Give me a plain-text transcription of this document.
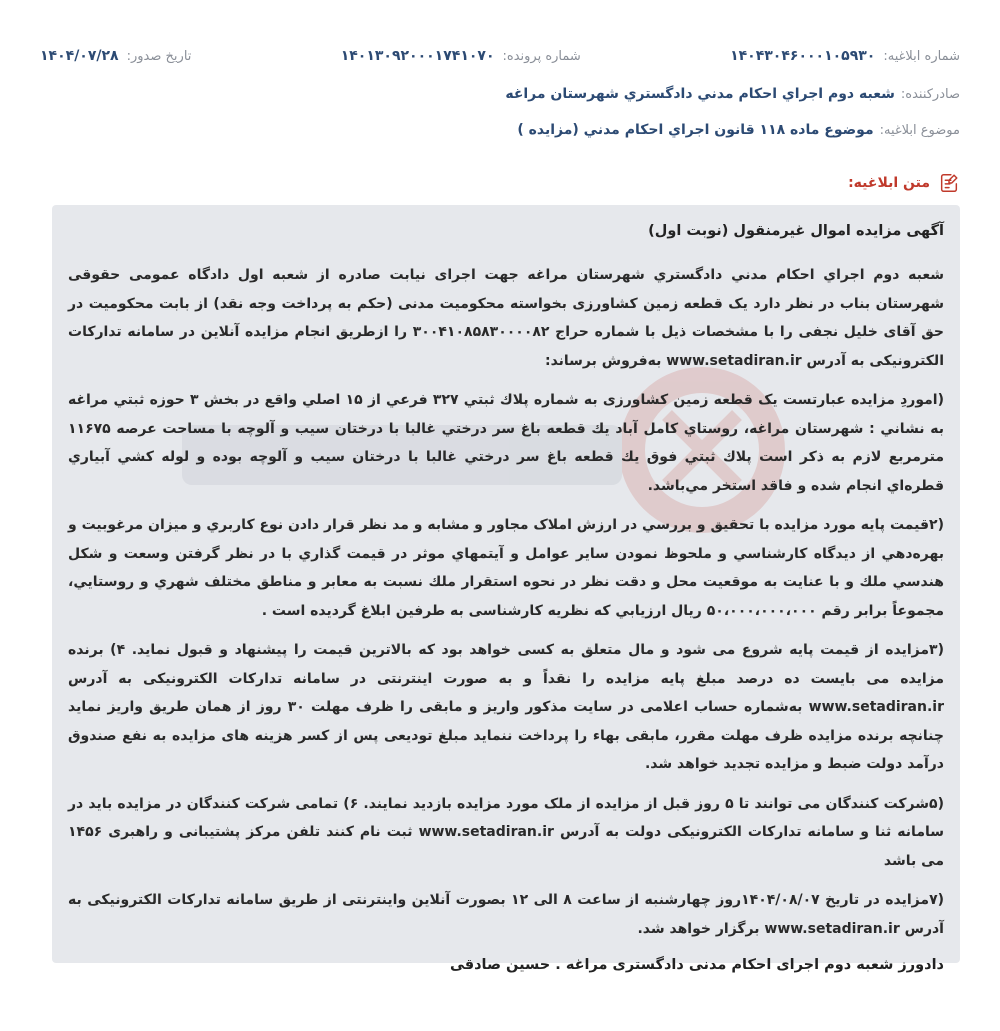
شماره ابلاغیه:
۱۴۰۴۳۰۴۶۰۰۰۱۰۵۹۳۰
شماره پرونده:
۱۴۰۱۳۰۹۲۰۰۰۱۷۴۱۰۷۰
تاریخ صدور:
۱۴۰۴/۰۷/۲۸
صادرکننده:
شعبه دوم اجراي احكام مدني دادگستري شهرستان مراغه
موضوع ابلاغیه:
موضوع ماده ۱۱۸ قانون اجراي احكام مدني (مزايده )
متن ابلاغیه:
آگهی مزایده اموال غیرمنقول (نوبت اول)

شعبه دوم اجراي احكام مدني دادگستري شهرستان مراغه جهت اجرای نیابت صادره از شعبه اول دادگاه عمومی حقوقی شهرستان بناب در نظر دارد یک قطعه زمین کشاورزی بخواسته محکومیت مدنی (حکم به پرداخت وجه نقد) از بابت محکومیت در حق آقای خلیل نجفی را با مشخصات ذیل با شماره حراج ۳۰۰۴۱۰۸۵۸۳۰۰۰۰۸۲ را ازطریق انجام مزایده آنلاین در سامانه تدارکات الکترونیکی به آدرس www.setadiran.ir به‌فروش برساند:

(اموردِ مزایده عبارتست یک قطعه زمین کشاورزی به شماره پلاك ثبتي ۳۲۷ فرعي از ۱۵ اصلي واقع در بخش ۳ حوزه ثبتي مراغه به نشاني : شهرستان مراغه، روستاي كامل آباد يك قطعه باغ سر درختي غالبا با درختان سيب و آلوچه با مساحت عرصه ۱۱۶۷۵ مترمربع لازم به ذكر است پلاك ثبتي فوق يك قطعه باغ سر درختي غالبا با درختان سيب و آلوچه بوده و لوله كشي آبياري قطره‌اي انجام شده و فاقد استخر مي‌باشد.

(۲قیمت پایه مورد مزایده با تحقيق و بررسي در ارزش املاک مجاور و مشابه و مد نظر قرار دادن نوع كاربري و ميزان مرغوبيت و بهره‌دهي از ديدگاه كارشناسي و ملحوظ نمودن ساير عوامل و آيتمهاي موثر در قيمت گذاري با در نظر گرفتن وسعت و شكل هندسي ملك و با عنايت به موقعيت محل و دقت نظر در نحوه استقرار ملك نسبت به معابر و مناطق مختلف شهري و روستايي، مجموعاً برابر رقم ۵۰،۰۰۰،۰۰۰،۰۰۰ ريال ارزيابي كه نظريه كارشناسی به طرفین ابلاغ گردیده است .

(۳مزایده از قیمت پایه شروع می شود و مال متعلق به کسی خواهد بود که بالاترین قیمت را پیشنهاد و قبول نماید. ۴) برنده مزایده می بایست ده درصد مبلغ پایه مزایده را نقداً و به صورت اینترنتی در سامانه تدارکات الکترونیکی به آدرس www.setadiran.ir به‌شماره حساب اعلامی در سایت مذکور واریز و مابقی را ظرف مهلت ۳۰ روز از همان طریق واریز نماید چنانچه برنده مزایده ظرف مهلت مقرر، مابقی بهاء را پرداخت ننماید مبلغ تودیعی پس از کسر هزینه های مزایده به نفع صندوق درآمد دولت ضبط و مزایده تجدید خواهد شد.

(۵شرکت کنندگان می توانند تا ۵ روز قبل از مزایده از ملک مورد مزایده بازدید نمایند. ۶) تمامی شرکت کنندگان در مزایده باید در سامانه ثنا و سامانه تدارکات الکترونیکی دولت به آدرس www.setadiran.ir ثبت نام کنند تلفن مرکز پشتیبانی و راهبری ۱۴۵۶ می باشد

(۷مزایده در تاریخ ۱۴۰۴/۰۸/۰۷روز چهارشنبه از ساعت ۸ الی ۱۲ بصورت آنلاین واینترنتی از طریق سامانه تدارکات الکترونیکی به آدرس www.setadiran.ir برگزار خواهد شد.

دادورز شعبه دوم اجرای احکام مدنی دادگستری مراغه . حسین صادقی
